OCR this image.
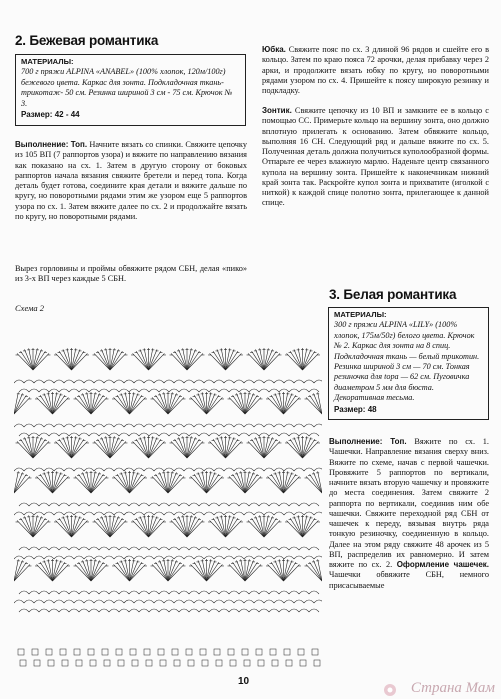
2. Бежевая романтика
МАТЕРИАЛЫ:
700 г пряжи ALPINA «ANABEL» (100% хлопок, 120м/100г) бежевого цвета. Каркас для зонта. Подкладочная ткань- трикотаж- 50 см. Резинка шириной 3 см - 75 см. Крючок № 3.
Размер: 42 - 44
Выполнение: Топ. Начните вязать со спинки. Свяжите цепочку из 105 ВП (7 раппортов узора) и вяжите по направлению вязания как показано на сх. 1. Затем в другую сторону от боковых раппортов начала вязания свяжите бретели и перед топа. Когда деталь будет готова, соедините края детали и вяжите дальше по кругу, но поворотными рядами этим же узором еще 5 раппортов узора по сх. 1. Затем вяжите далее по сх. 2 и продолжайте вязать по кругу, но поворотными рядами.
Вырез горловины и проймы обвяжите рядом СБН, делая «пико» из 3-х ВП через каждые 5 СБН.
Юбка. Свяжите пояс по сх. 3 длиной 96 рядов и сшейте его в кольцо. Затем по краю пояса 72 арочки, делая прибавку через 2 арки, и продолжите вязать юбку по кругу, но поворотными рядами узором по сх. 4. Пришейте к поясу широкую резинку и подкладку.
Зонтик. Свяжите цепочку из 10 ВП и замкните ее в кольцо с помощью СС. Примерьте кольцо на вершину зонта, оно должно вплотную прилегать к основанию. Затем обвяжите кольцо, выполняя 16 СН. Следующий ряд и дальше вяжите по сх. 5. Полученная деталь должна получиться куполообразной формы. Отпарьте ее через влажную марлю. Наденьте центр связанного купола на вершину зонта. Пришейте к наконечникам нижний край зонта так. Раскройте купол зонта и прихватите (иголкой с ниткой) к каждой спице полотно зонта, прилегающее к данной спице.
Схема 2
3. Белая романтика
МАТЕРИАЛЫ:
300 г пряжи ALPINA «LILY» (100% хлопок, 175м/50г) белого цвета. Крючок № 2. Каркас для зонта на 8 спиц. Подкладочная ткань — белый трикотин. Резинка шириной 3 см — 70 см. Тонкая резиночка для topa — 62 см. Пуговичка диаметром 5 мм для бюста. Декоративная тесьма.
Размер: 48
Выполнение: Топ. Вяжите по сх. 1. Чашечки. Направление вязания сверху вниз. Вяжите по схеме, начав с первой чашечки. Провяжите 5 раппортов по вертикали, начните вязать вторую чашечку и провяжите до места соединения. Затем свяжите 2 раппорта по вертикали, соединив ним обе чашечки. Свяжите переходной ряд СБН от чашечек к переду, вязывая внутрь ряда тонкую резиночку, соединенную в кольцо. Далее на этом ряду свяжите 48 арочек из 5 ВП, распределив их равномерно. И затем вяжите по сх. 2. Оформление чашечек. Чашечки обвяжите СБН, немного присасываемые
10	Страна Мам
